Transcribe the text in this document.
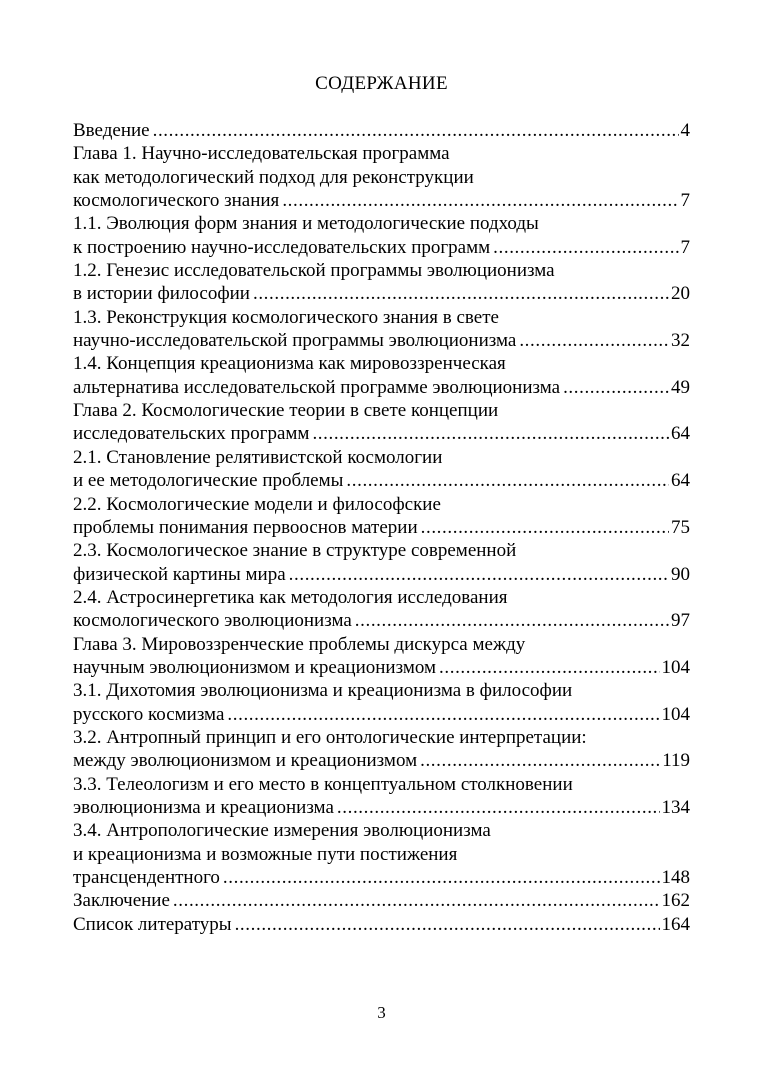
СОДЕРЖАНИЕ
Введение .....	4
Глава 1. Научно-исследовательская программа
как методологический подход для реконструкции
космологического знания .....	7
1.1. Эволюция форм знания и методологические подходы
к построению научно-исследовательских программ .....	7
1.2. Генезис исследовательской программы эволюционизма
в истории философии .....	20
1.3. Реконструкция космологического знания в свете
научно-исследовательской программы эволюционизма .....	32
1.4. Концепция креационизма как мировоззренческая
альтернатива исследовательской программе эволюционизма .....	49
Глава 2. Космологические теории в свете концепции
исследовательских программ .....	64
2.1. Становление релятивистской космологии
и ее методологические проблемы .....	64
2.2. Космологические модели и философские
проблемы понимания первооснов материи .....	75
2.3. Космологическое знание в структуре современной
физической картины мира .....	90
2.4. Астросинергетика как методология исследования
космологического эволюционизма .....	97
Глава 3. Мировоззренческие проблемы дискурса между
научным эволюционизмом и креационизмом .....	104
3.1. Дихотомия эволюционизма и креационизма в философии
русского космизма .....	104
3.2. Антропный принцип и его онтологические интерпретации:
между эволюционизмом и креационизмом .....	119
3.3. Телеологизм и его место в концептуальном столкновении
эволюционизма и креационизма .....	134
3.4. Антропологические измерения эволюционизма
и креационизма и возможные пути постижения
трансцендентного .....	148
Заключение .....	162
Список литературы .....	164
3
